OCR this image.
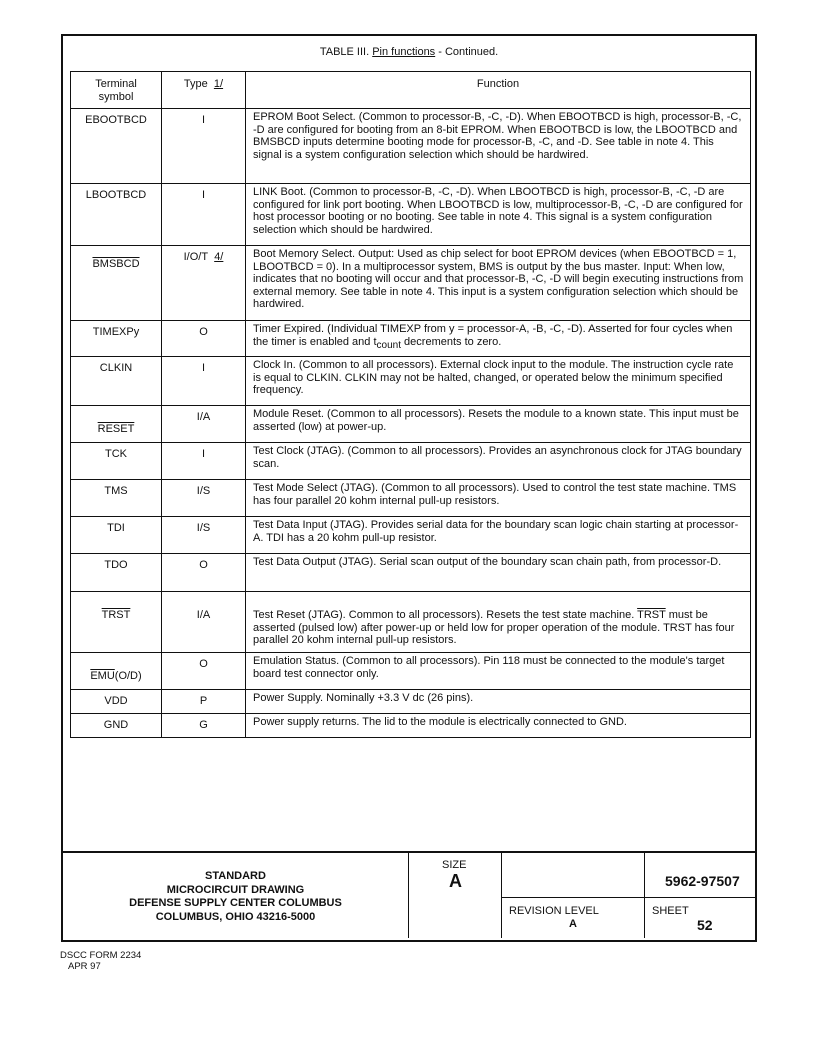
TABLE III. Pin functions - Continued.
Terminal
symbol	Type 1/	Function
EBOOTBCD	I	EPROM Boot Select. (Common to processor-B, -C, -D). When EBOOTBCD is high, processor-B, -C, -D are configured for booting from an 8-bit EPROM. When EBOOTBCD is low, the LBOOTBCD and BMSBCD inputs determine booting mode for processor-B, -C, and -D. See table in note 4. This signal is a system configuration selection which should be hardwired.
LBOOTBCD	I	LINK Boot. (Common to processor-B, -C, -D). When LBOOTBCD is high, processor-B, -C, -D are configured for link port booting. When LBOOTBCD is low, multiprocessor-B, -C, -D are configured for host processor booting or no booting. See table in note 4. This signal is a system configuration selection which should be hardwired.
BMSBCD	I/O/T 4/	Boot Memory Select. Output: Used as chip select for boot EPROM devices (when EBOOTBCD = 1, LBOOTBCD = 0). In a multiprocessor system, BMS is output by the bus master. Input: When low, indicates that no booting will occur and that processor-B, -C, -D will begin executing instructions from external memory. See table in note 4. This input is a system configuration selection which should be hardwired.
TIMEXPy	O	Timer Expired. (Individual TIMEXP from y = processor-A, -B, -C, -D). Asserted for four cycles when the timer is enabled and tcount decrements to zero.
CLKIN	I	Clock In. (Common to all processors). External clock input to the module. The instruction cycle rate is equal to CLKIN. CLKIN may not be halted, changed, or operated below the minimum specified frequency.
RESET	I/A	Module Reset. (Common to all processors). Resets the module to a known state. This input must be asserted (low) at power-up.
TCK	I	Test Clock (JTAG). (Common to all processors). Provides an asynchronous clock for JTAG boundary scan.
TMS	I/S	Test Mode Select (JTAG). (Common to all processors). Used to control the test state machine. TMS has four parallel 20 kohm internal pull-up resistors.
TDI	I/S	Test Data Input (JTAG). Provides serial data for the boundary scan logic chain starting at processor-A. TDI has a 20 kohm pull-up resistor.
TDO	O	Test Data Output (JTAG). Serial scan output of the boundary scan chain path, from processor-D.
TRST	I/A	Test Reset (JTAG). Common to all processors). Resets the test state machine. TRST must be asserted (pulsed low) after power-up or held low for proper operation of the module. TRST has four parallel 20 kohm internal pull-up resistors.
$\overline{EMU}(O/D)$	O	Emulation Status. (Common to all processors). Pin 118 must be connected to the module's target board test connector only.
VDD	P	Power Supply. Nominally +3.3 V dc (26 pins).
GND	G	Power supply returns. The lid to the module is electrically connected to GND.
STANDARD
MICROCIRCUIT DRAWING
DEFENSE SUPPLY CENTER COLUMBUS
COLUMBUS, OHIO 43216-5000
SIZE
A
REVISION LEVEL
A
5962-97507
SHEET
52
DSCC FORM 2234
APR 97
